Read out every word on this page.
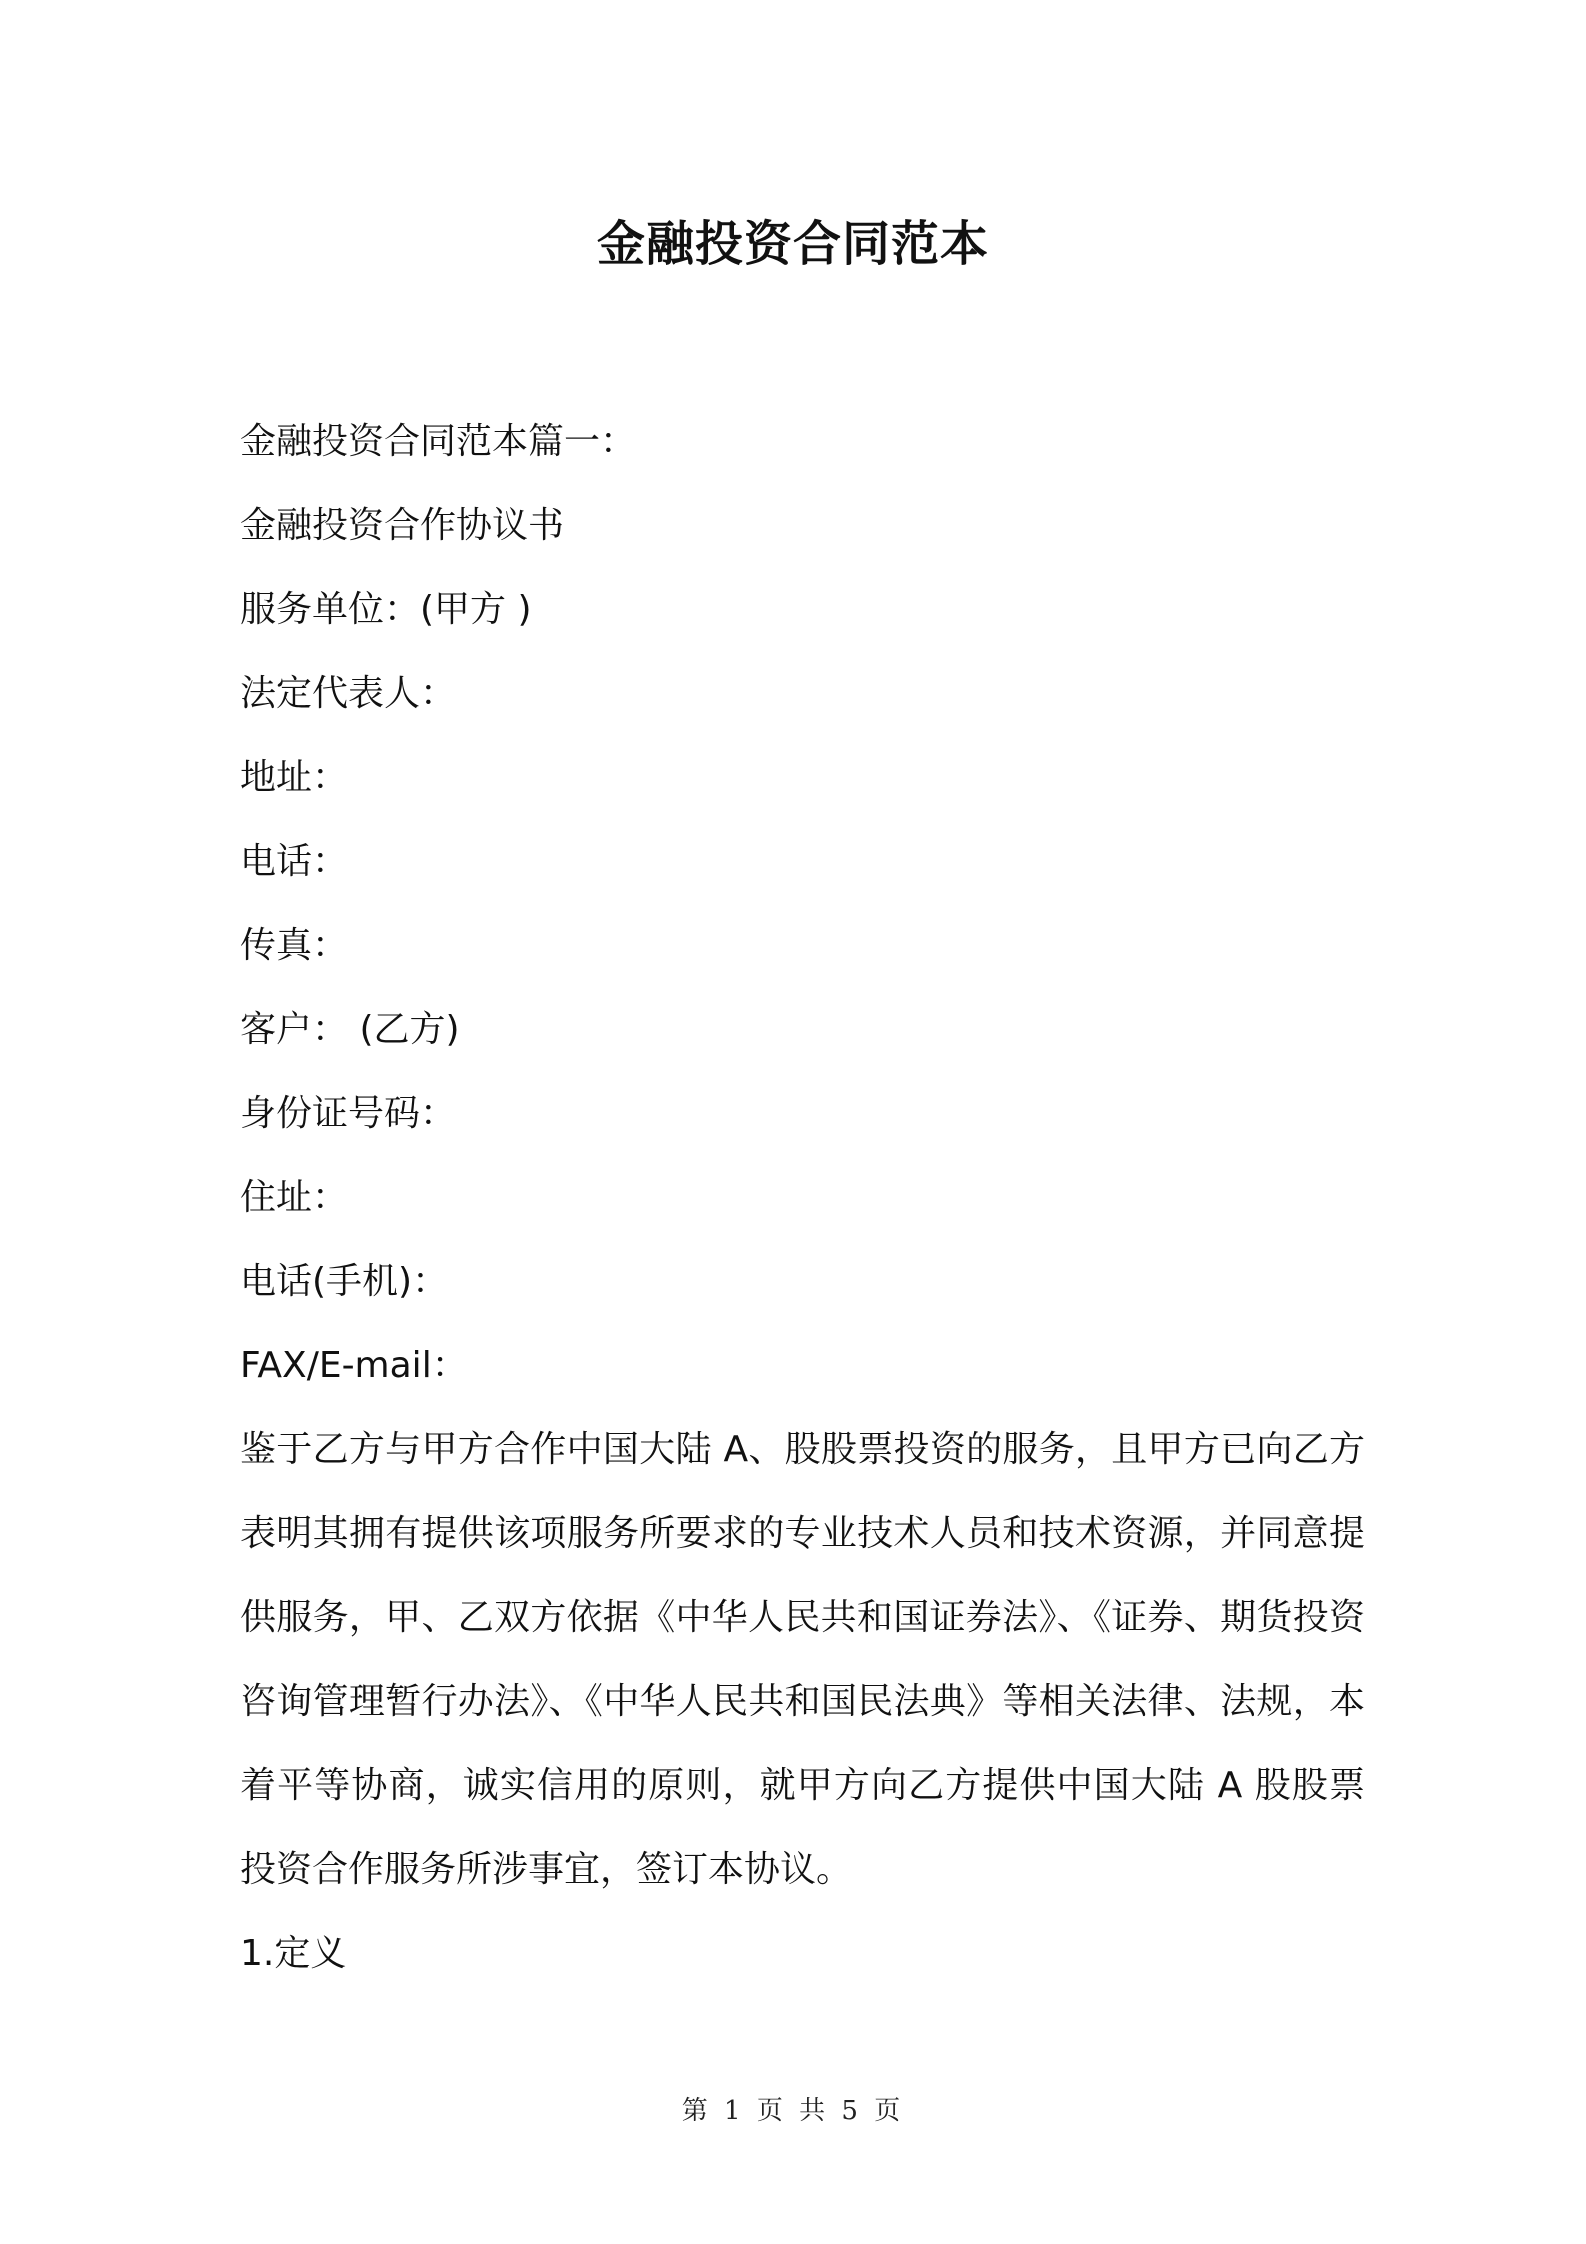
金融投资合同范本
金融投资合同范本篇一：
金融投资合作协议书
服务单位：(甲方 )
法定代表人：
地址：
电话：
传真：
客户： (乙方)
身份证号码：
住址：
电话(手机)：
FAX/E-mail：
鉴于乙方与甲方合作中国大陆 A、股股票投资的服务，且甲方已向乙方表明其拥有提供该项服务所要求的专业技术人员和技术资源，并同意提供服务，甲、乙双方依据《中华人民共和国证券法》、《证券、期货投资咨询管理暂行办法》、《中华人民共和国民法典》等相关法律、法规，本着平等协商，诚实信用的原则，就甲方向乙方提供中国大陆 A 股股票投资合作服务所涉事宜，签订本协议。
1.定义
第 1 页 共 5 页
